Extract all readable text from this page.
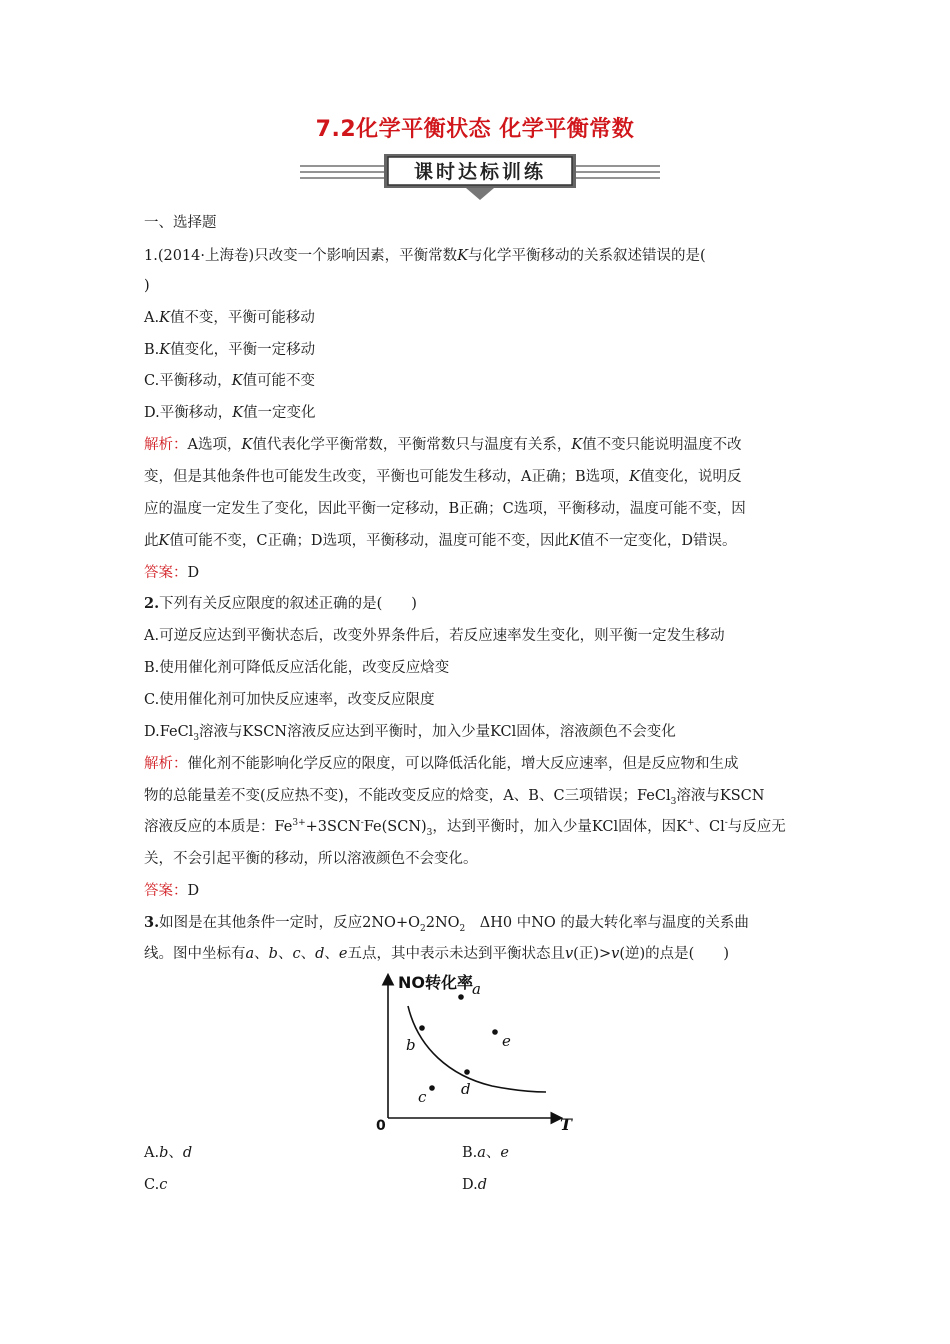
7.2化学平衡状态 化学平衡常数
课时达标训练
一、选择题
1.(2014·上海卷)只改变一个影响因素，平衡常数K与化学平衡移动的关系叙述错误的是(
)
A.K值不变，平衡可能移动
B.K值变化，平衡一定移动
C.平衡移动，K值可能不变
D.平衡移动，K值一定变化
解析：A选项，K值代表化学平衡常数，平衡常数只与温度有关系，K值不变只能说明温度不改
变，但是其他条件也可能发生改变，平衡也可能发生移动，A正确；B选项，K值变化，说明反
应的温度一定发生了变化，因此平衡一定移动，B正确；C选项，平衡移动，温度可能不变，因
此K值可能不变，C正确；D选项，平衡移动，温度可能不变，因此K值不一定变化，D错误。
答案：D
2.下列有关反应限度的叙述正确的是(　　)
A.可逆反应达到平衡状态后，改变外界条件后，若反应速率发生变化，则平衡一定发生移动
B.使用催化剂可降低反应活化能，改变反应焓变
C.使用催化剂可加快反应速率，改变反应限度
D.FeCl$_3$溶液与KSCN溶液反应达到平衡时，加入少量KCl固体，溶液颜色不会变化
解析：催化剂不能影响化学反应的限度，可以降低活化能，增大反应速率，但是反应物和生成
物的总能量差不变(反应热不变)，不能改变反应的焓变，A、B、C三项错误；FeCl$_3$溶液与KSCN
溶液反应的本质是：$Fe^{3+}+3SCN^-Fe(SCN)_3$，达到平衡时，加入少量KCl固体，因K+、Cl-与反应无
关，不会引起平衡的移动，所以溶液颜色不会变化。
答案：D
3.如图是在其他条件一定时，反应$2NO+O_22NO_2$　ΔH0 中NO 的最大转化率与温度的关系曲
线。图中坐标有a、b、c、d、e五点，其中表示未达到平衡状态且v(正)>v(逆)的点是(　　)
NO转化率
T
0
a
b	e
d
c
A.b、d	B.a、e
C.c	D.d
